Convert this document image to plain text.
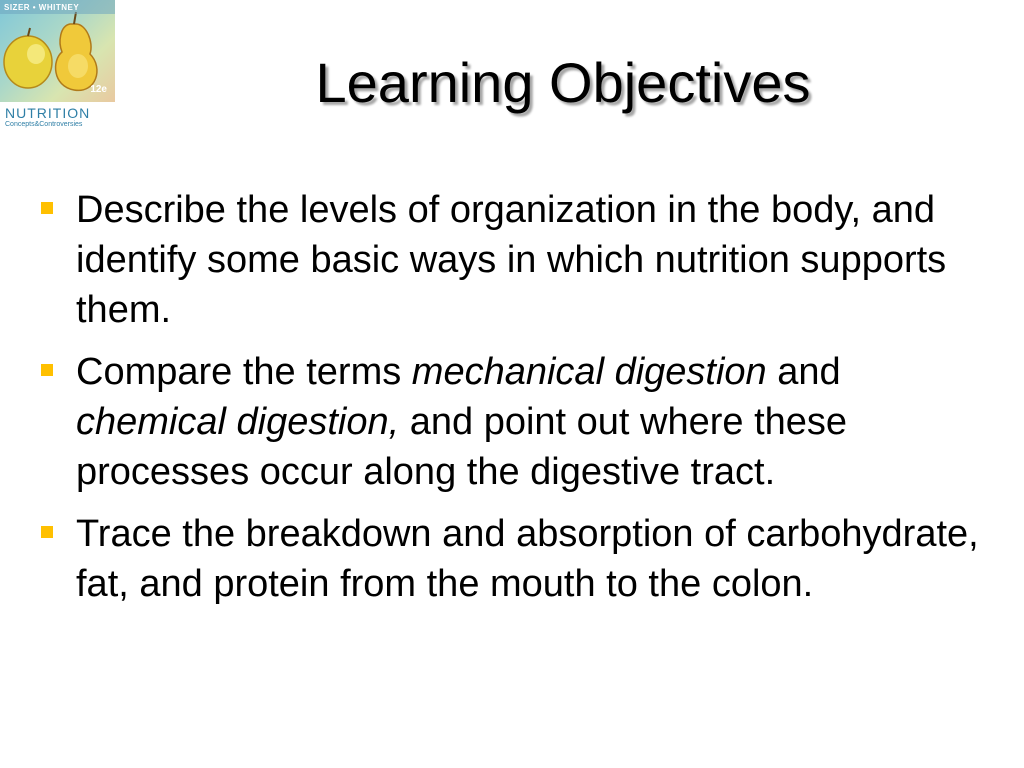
SIZER • WHITNEY
12e
NUTRITION
Concepts&Controversies
Learning Objectives
Describe the levels of organization in the body, and identify some basic ways in which nutrition supports them.
Compare the terms mechanical digestion and chemical digestion, and point out where these processes occur along the digestive tract.
Trace the breakdown and absorption of carbohydrate, fat, and protein from the mouth to the colon.
